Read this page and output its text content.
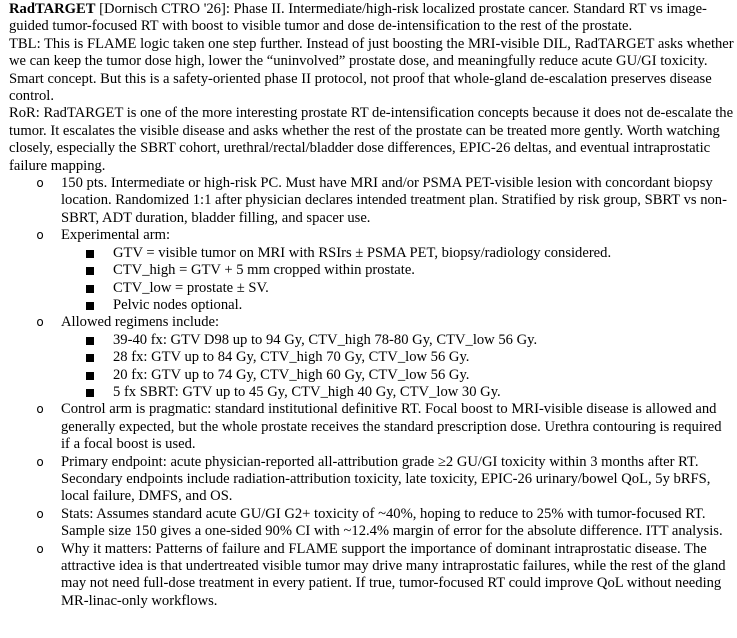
RadTARGET [Dornisch CTRO '26]: Phase II. Intermediate/high-risk localized prostate cancer. Standard RT vs image-guided tumor-focused RT with boost to visible tumor and dose de-intensification to the rest of the prostate.

TBL: This is FLAME logic taken one step further. Instead of just boosting the MRI-visible DIL, RadTARGET asks whether we can keep the tumor dose high, lower the “uninvolved” prostate dose, and meaningfully reduce acute GU/GI toxicity. Smart concept. But this is a safety-oriented phase II protocol, not proof that whole-gland de-escalation preserves disease control.

RoR: RadTARGET is one of the more interesting prostate RT de-intensification concepts because it does not de-escalate the tumor. It escalates the visible disease and asks whether the rest of the prostate can be treated more gently. Worth watching closely, especially the SBRT cohort, urethral/rectal/bladder dose differences, EPIC-26 deltas, and eventual intraprostatic failure mapping.

o 150 pts. Intermediate or high-risk PC. Must have MRI and/or PSMA PET-visible lesion with concordant biopsy location. Randomized 1:1 after physician declares intended treatment plan. Stratified by risk group, SBRT vs non-SBRT, ADT duration, bladder filling, and spacer use.
o Experimental arm:
GTV = visible tumor on MRI with RSIrs ± PSMA PET, biopsy/radiology considered.
CTV_high = GTV + 5 mm cropped within prostate.
CTV_low = prostate ± SV.
Pelvic nodes optional.
o Allowed regimens include:
39-40 fx: GTV D98 up to 94 Gy, CTV_high 78-80 Gy, CTV_low 56 Gy.
28 fx: GTV up to 84 Gy, CTV_high 70 Gy, CTV_low 56 Gy.
20 fx: GTV up to 74 Gy, CTV_high 60 Gy, CTV_low 56 Gy.
5 fx SBRT: GTV up to 45 Gy, CTV_high 40 Gy, CTV_low 30 Gy.
o Control arm is pragmatic: standard institutional definitive RT. Focal boost to MRI-visible disease is allowed and generally expected, but the whole prostate receives the standard prescription dose. Urethra contouring is required if a focal boost is used.
o Primary endpoint: acute physician-reported all-attribution grade ≥2 GU/GI toxicity within 3 months after RT. Secondary endpoints include radiation-attribution toxicity, late toxicity, EPIC-26 urinary/bowel QoL, 5y bRFS, local failure, DMFS, and OS.
o Stats: Assumes standard acute GU/GI G2+ toxicity of ~40%, hoping to reduce to 25% with tumor-focused RT. Sample size 150 gives a one-sided 90% CI with ~12.4% margin of error for the absolute difference. ITT analysis.
o Why it matters: Patterns of failure and FLAME support the importance of dominant intraprostatic disease. The attractive idea is that undertreated visible tumor may drive many intraprostatic failures, while the rest of the gland may not need full-dose treatment in every patient. If true, tumor-focused RT could improve QoL without needing MR-linac-only workflows.
